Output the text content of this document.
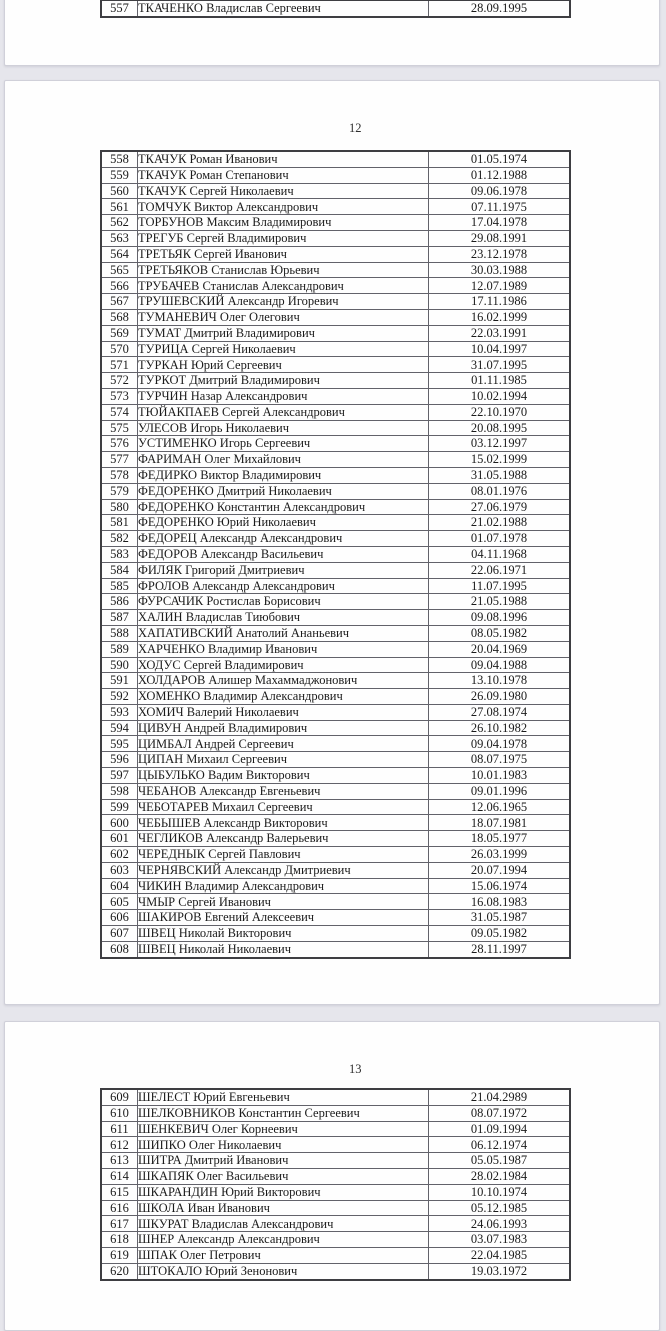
557	ТКАЧЕНКО Владислав Сергеевич	28.09.1995
12
558	ТКАЧУК Роман Иванович	01.05.1974
559	ТКАЧУК Роман Степанович	01.12.1988
560	ТКАЧУК Сергей Николаевич	09.06.1978
561	ТОМЧУК Виктор Александрович	07.11.1975
562	ТОРБУНОВ Максим Владимирович	17.04.1978
563	ТРЕГУБ Сергей Владимирович	29.08.1991
564	ТРЕТЬЯК Сергей Иванович	23.12.1978
565	ТРЕТЬЯКОВ Станислав Юрьевич	30.03.1988
566	ТРУБАЧЕВ Станислав Александрович	12.07.1989
567	ТРУШЕВСКИЙ Александр Игоревич	17.11.1986
568	ТУМАНЕВИЧ Олег Олегович	16.02.1999
569	ТУМАТ Дмитрий Владимирович	22.03.1991
570	ТУРИЦА Сергей Николаевич	10.04.1997
571	ТУРКАН Юрий Сергеевич	31.07.1995
572	ТУРКОТ Дмитрий Владимирович	01.11.1985
573	ТУРЧИН Назар Александрович	10.02.1994
574	ТЮЙАКПАЕВ Сергей Александрович	22.10.1970
575	УЛЕСОВ Игорь Николаевич	20.08.1995
576	УСТИМЕНКО Игорь Сергеевич	03.12.1997
577	ФАРИМАН Олег Михайлович	15.02.1999
578	ФЕДИРКО Виктор Владимирович	31.05.1988
579	ФЕДОРЕНКО Дмитрий Николаевич	08.01.1976
580	ФЕДОРЕНКО Константин Александрович	27.06.1979
581	ФЕДОРЕНКО Юрий Николаевич	21.02.1988
582	ФЕДОРЕЦ Александр Александрович	01.07.1978
583	ФЕДОРОВ Александр Васильевич	04.11.1968
584	ФИЛЯК Григорий Дмитриевич	22.06.1971
585	ФРОЛОВ Александр Александрович	11.07.1995
586	ФУРСАЧИК Ростислав Борисович	21.05.1988
587	ХАЛИН Владислав Тиюбович	09.08.1996
588	ХАПАТИВСКИЙ Анатолий Ананьевич	08.05.1982
589	ХАРЧЕНКО Владимир Иванович	20.04.1969
590	ХОДУС Сергей Владимирович	09.04.1988
591	ХОЛДАРОВ Алишер Махаммаджонович	13.10.1978
592	ХОМЕНКО Владимир Александрович	26.09.1980
593	ХОМИЧ Валерий Николаевич	27.08.1974
594	ЦИВУН Андрей Владимирович	26.10.1982
595	ЦИМБАЛ Андрей Сергеевич	09.04.1978
596	ЦИПАН Михаил Сергеевич	08.07.1975
597	ЦЫБУЛЬКО Вадим Викторович	10.01.1983
598	ЧЕБАНОВ Александр Евгеньевич	09.01.1996
599	ЧЕБОТАРЕВ Михаил Сергеевич	12.06.1965
600	ЧЕБЫШЕВ Александр Викторович	18.07.1981
601	ЧЕГЛИКОВ Александр Валерьевич	18.05.1977
602	ЧЕРЕДНЫК Сергей Павлович	26.03.1999
603	ЧЕРНЯВСКИЙ Александр Дмитриевич	20.07.1994
604	ЧИКИН Владимир Александрович	15.06.1974
605	ЧМЫР Сергей Иванович	16.08.1983
606	ШАКИРОВ Евгений Алексеевич	31.05.1987
607	ШВЕЦ Николай Викторович	09.05.1982
608	ШВЕЦ Николай Николаевич	28.11.1997
13
609	ШЕЛЕСТ Юрий Евгеньевич	21.04.2989
610	ШЕЛКОВНИКОВ Константин Сергеевич	08.07.1972
611	ШЕНКЕВИЧ Олег Корнеевич	01.09.1994
612	ШИПКО Олег Николаевич	06.12.1974
613	ШИТРА Дмитрий Иванович	05.05.1987
614	ШКАПЯК Олег Васильевич	28.02.1984
615	ШКАРАНДИН Юрий Викторович	10.10.1974
616	ШКОЛА Иван Иванович	05.12.1985
617	ШКУРАТ Владислав Александрович	24.06.1993
618	ШНЕР Александр Александрович	03.07.1983
619	ШПАК Олег Петрович	22.04.1985
620	ШТОКАЛО Юрий Зенонович	19.03.1972
